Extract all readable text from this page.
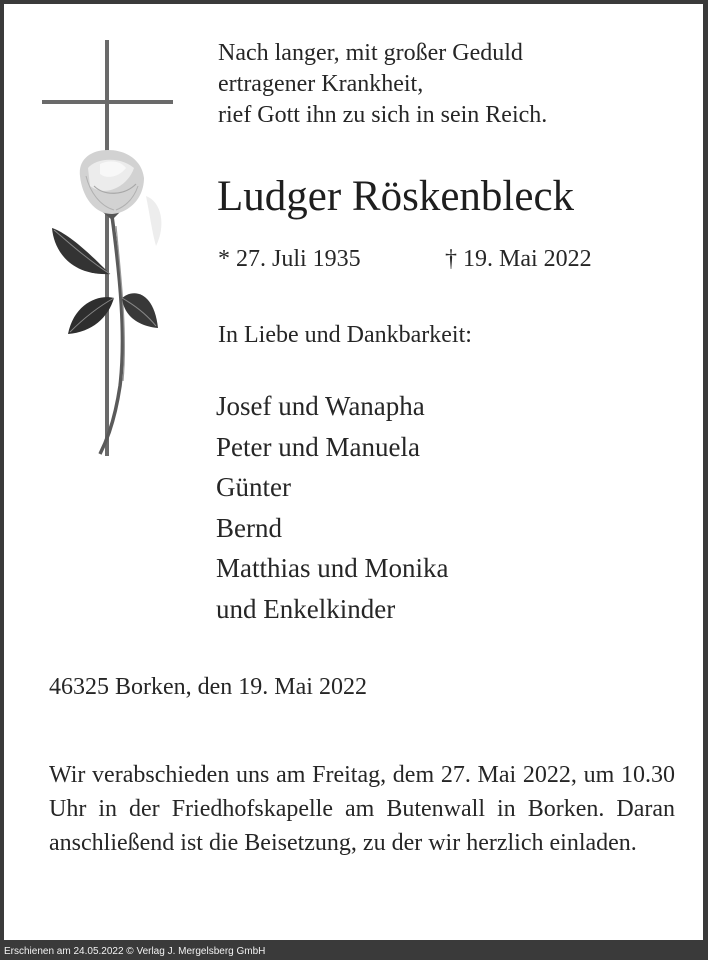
Nach langer, mit großer Geduld
ertragener Krankheit,
rief Gott ihn zu sich in sein Reich.
Ludger Röskenbleck
* 27. Juli 1935	† 19. Mai 2022
In Liebe und Dankbarkeit:
Josef und Wanapha
Peter und Manuela
Günter
Bernd
Matthias und Monika
und Enkelkinder
46325 Borken, den 19. Mai 2022

Wir verabschieden uns am Freitag, dem 27. Mai 2022, um 10.30 Uhr in der Friedhofskapelle am Butenwall in Borken. Daran anschließend ist die Beisetzung, zu der wir herzlich einladen.

Erschienen am 24.05.2022 © Verlag J. Mergelsberg GmbH
